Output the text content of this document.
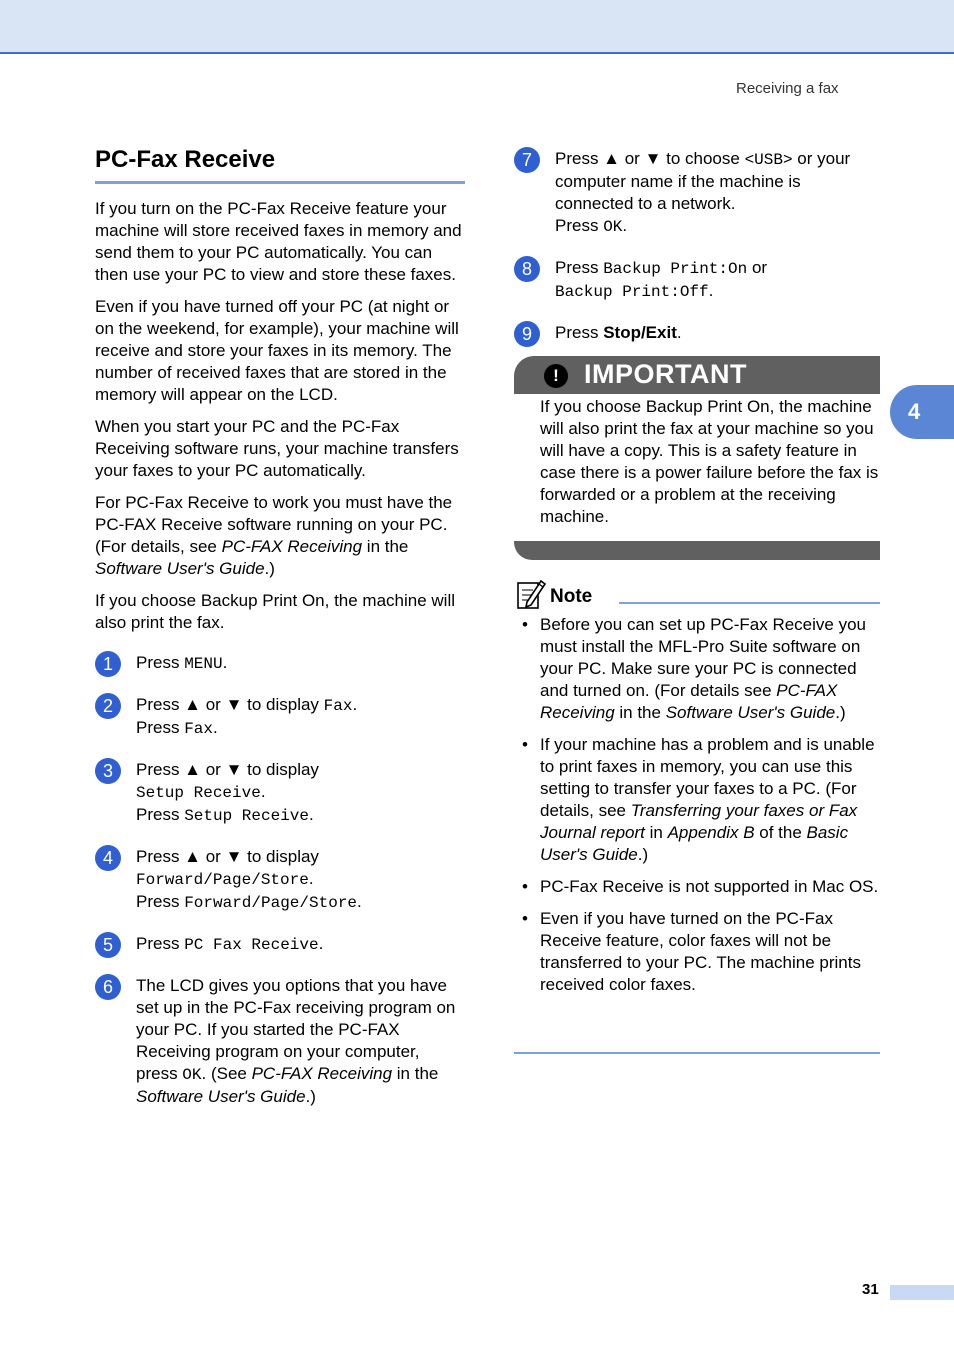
Receiving a fax
4
PC-Fax Receive

If you turn on the PC-Fax Receive feature your machine will store received faxes in memory and send them to your PC automatically. You can then use your PC to view and store these faxes.

Even if you have turned off your PC (at night or on the weekend, for example), your machine will receive and store your faxes in its memory. The number of received faxes that are stored in the memory will appear on the LCD.

When you start your PC and the PC-Fax Receiving software runs, your machine transfers your faxes to your PC automatically.

For PC-Fax Receive to work you must have the PC-FAX Receive software running on your PC. (For details, see PC-FAX Receiving in the Software User's Guide.)

If you choose Backup Print On, the machine will also print the fax.

1	Press MENU.
2	Press ▲ or ▼ to display Fax.
Press Fax.
3	Press ▲ or ▼ to display
Setup Receive.
Press Setup Receive.
4	Press ▲ or ▼ to display
Forward/Page/Store.
Press Forward/Page/Store.
5	Press PC Fax Receive.
6	The LCD gives you options that you have set up in the PC-Fax receiving program on your PC. If you started the PC-FAX Receiving program on your computer, press OK. (See PC-FAX Receiving in the Software User's Guide.)
7	Press ▲ or ▼ to choose <USB> or your computer name if the machine is connected to a network.
Press OK.
8	Press Backup Print:On or
Backup Print:Off.
9	Press Stop/Exit.
! IMPORTANT
If you choose Backup Print On, the machine will also print the fax at your machine so you will have a copy. This is a safety feature in case there is a power failure before the fax is forwarded or a problem at the receiving machine.
Note
• Before you can set up PC-Fax Receive you must install the MFL-Pro Suite software on your PC. Make sure your PC is connected and turned on. (For details see PC-FAX Receiving in the Software User's Guide.)
• If your machine has a problem and is unable to print faxes in memory, you can use this setting to transfer your faxes to a PC. (For details, see Transferring your faxes or Fax Journal report in Appendix B of the Basic User's Guide.)
• PC-Fax Receive is not supported in Mac OS.
• Even if you have turned on the PC-Fax Receive feature, color faxes will not be transferred to your PC. The machine prints received color faxes.
31
